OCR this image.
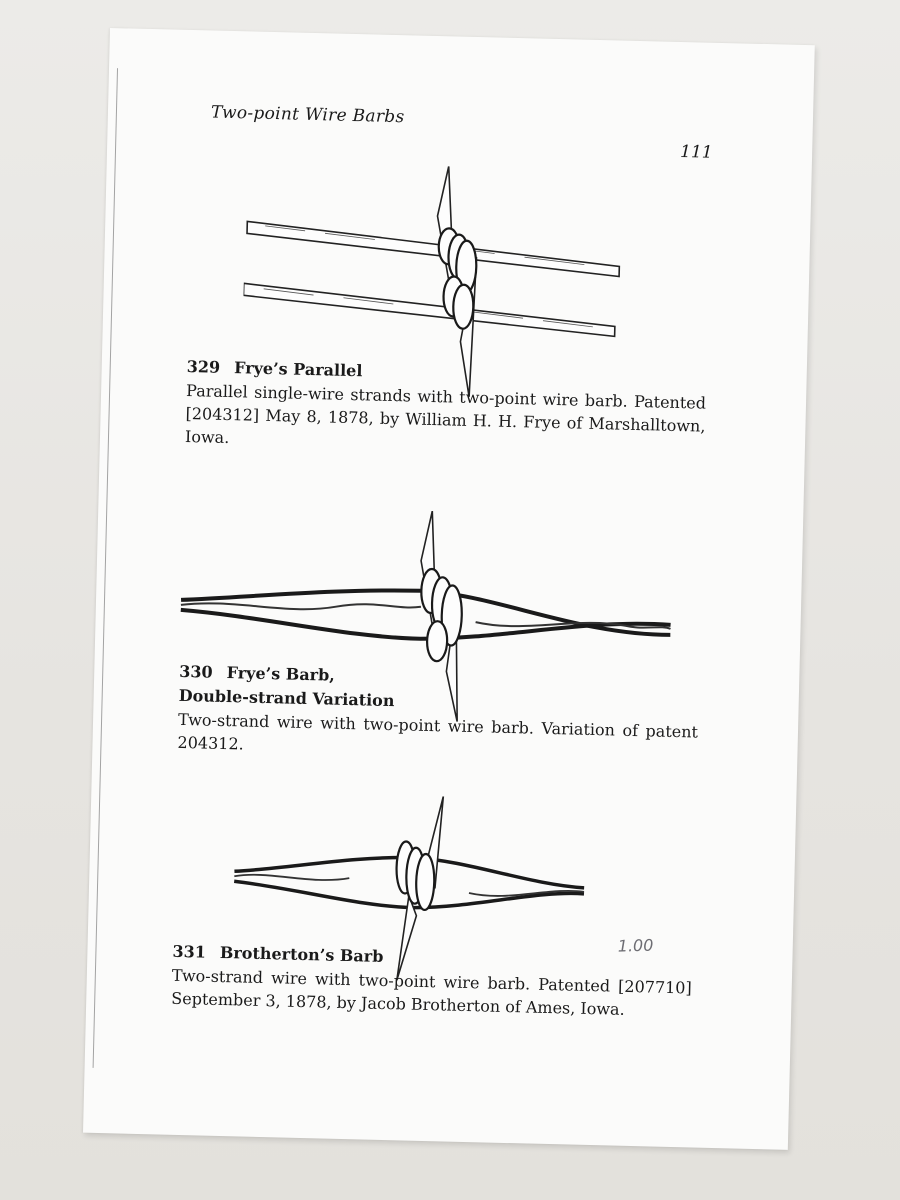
Two-point Wire Barbs
111
329 Frye’s Parallel
Parallel single-wire strands with two-point wire barb. Patented [204312] May 8, 1878, by William H. H. Frye of Marshalltown, Iowa.
330 Frye’s Barb,
Double-strand Variation
Two-strand wire with two-point wire barb. Variation of patent 204312.
331 Brotherton’s Barb
Two-strand wire with two-point wire barb. Patented [207710] September 3, 1878, by Jacob Brotherton of Ames, Iowa.
1.00
